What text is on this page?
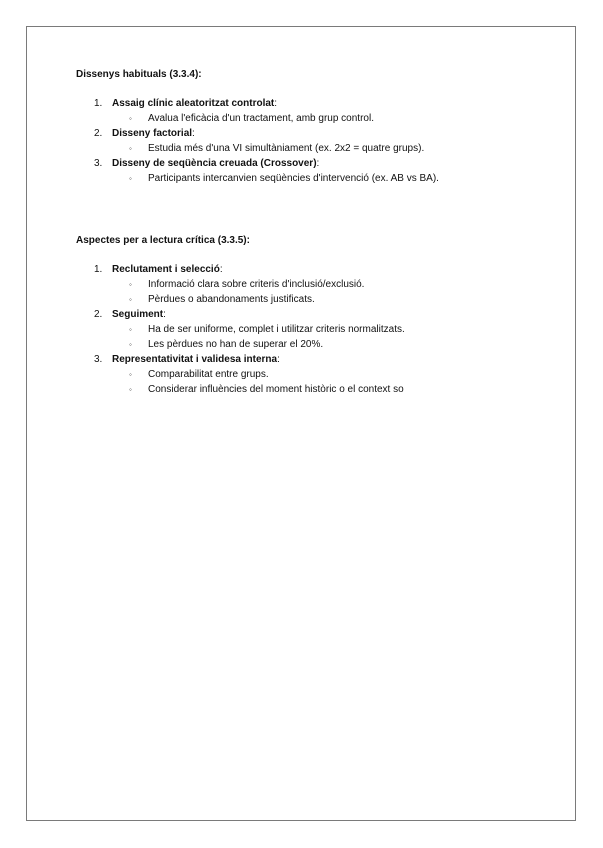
Dissenys habituals (3.3.4):

1. Assaig clínic aleatoritzat controlat:
◦ Avalua l'eficàcia d'un tractament, amb grup control.
2. Disseny factorial:
◦ Estudia més d'una VI simultàniament (ex. 2x2 = quatre grups).
3. Disseny de seqüència creuada (Crossover):
◦ Participants intercanvien seqüències d'intervenció (ex. AB vs BA).

Aspectes per a lectura crítica (3.3.5):

1. Reclutament i selecció:
◦ Informació clara sobre criteris d'inclusió/exclusió.
◦ Pèrdues o abandonaments justificats.
2. Seguiment:
◦ Ha de ser uniforme, complet i utilitzar criteris normalitzats.
◦ Les pèrdues no han de superar el 20%.
3. Representativitat i validesa interna:
◦ Comparabilitat entre grups.
◦ Considerar influències del moment històric o el context so
